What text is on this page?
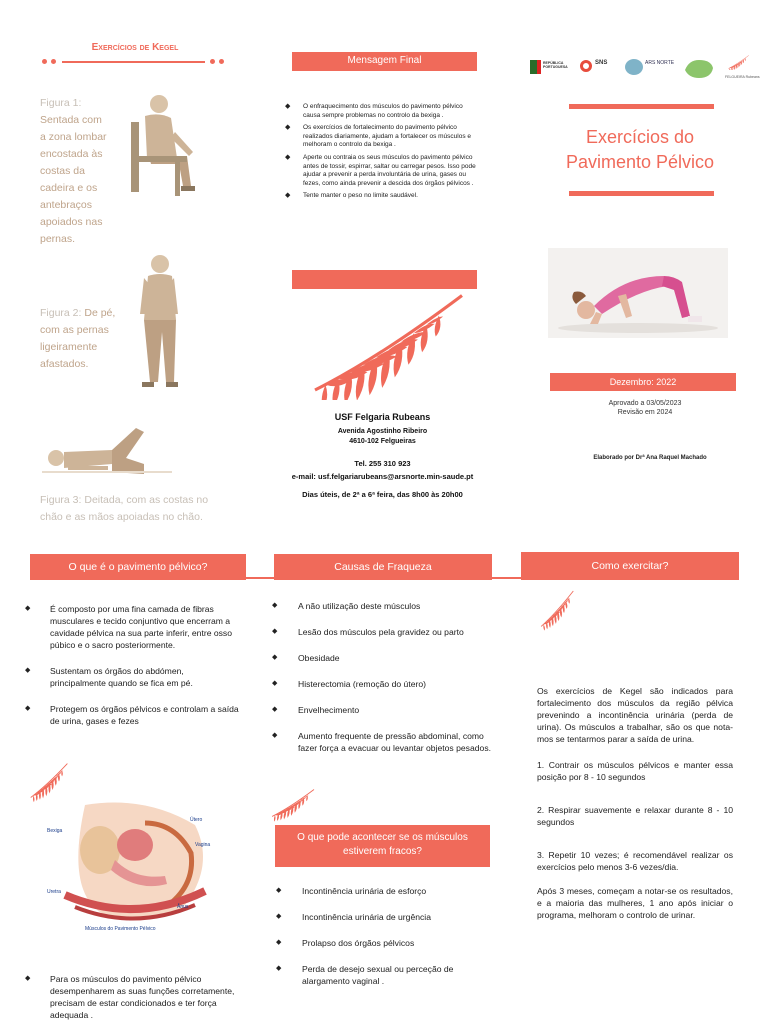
Exercícios de Kegel
Figura 1:
Sentada com a zona lombar encostada às costas da cadeira e os antebraços apoiados nas pernas.
Figura 2: De pé, com as pernas ligeiramente afastados.
Figura 3: Deitada, com as costas no chão e as mãos apoiadas no chão.
Mensagem Final
◆ O enfraquecimento dos músculos do pavimento pélvico causa sempre problemas no controlo da bexiga .
◆ Os exercícios de fortalecimento do pavimento pélvico realizados diariamente, ajudam a fortalecer os músculos e melhoram o controlo da bexiga .
◆ Aperte ou contraia os seus músculos do pavimento pélvico antes de tossir, espirrar, saltar ou carregar pesos. Isso pode ajudar a prevenir a perda involuntária de urina, gases ou fezes, como ainda prevenir a descida dos órgãos pélvicos .
◆ Tente manter o peso no limite saudável.
USF Felgaria Rubeans
Avenida Agostinho Ribeiro
4610-102 Felgueiras
Tel. 255 310 923
e-mail: usf.felgariarubeans@arsnorte.min-saude.pt
Dias úteis, de 2ª a 6ª feira, das 8h00 às 20h00
REPÚBLICA PORTUGUESA
SNS	ARS NORTE
FELGUEIRA Rubeans
Exercícios do
Pavimento Pélvico
Dezembro: 2022
Aprovado a 03/05/2023
Revisão em 2024
Elaborado por Drª Ana Raquel Machado
O que é o pavimento pélvico?	Causas de Fraqueza	Como exercitar?
◆ É composto por uma fina camada de fibras musculares e tecido conjuntivo que encerram a cavidade pélvica na sua parte inferir, entre osso púbico e o sacro posteriormente.
◆ Sustentam os órgãos do abdómen, principalmente quando se fica em pé.
◆ Protegem os órgãos pélvicos e controlam a saída de urina, gases e fezes
Bexiga
Útero
Vagina
Uretra
Ânus
Músculos do Pavimento Pélvico
◆ Para os músculos do pavimento pélvico desempenharem as suas funções corretamente, precisam de estar condicionados e ter força adequada .
◆ A não utilização deste músculos
◆ Lesão dos músculos pela gravidez ou parto
◆ Obesidade
◆ Histerectomia (remoção do útero)
◆ Envelhecimento
◆ Aumento frequente de pressão abdominal, como fazer força a evacuar ou levantar objetos pesados.
O que pode acontecer se os músculos estiverem fracos?
◆ Incontinência urinária de esforço
◆ Incontinência urinária de urgência
◆ Prolapso dos órgãos pélvicos
◆ Perda de desejo sexual ou perceção de alargamento vaginal .

Os exercícios de Kegel são indicados para fortalecimento dos músculos da região pélvica prevenindo a incontinência urinária (perda de urina). Os músculos a trabalhar, são os que nota-mos se tentarmos parar a saída de urina.

1. Contrair os músculos pélvicos e manter essa posição por 8 - 10 segundos

2. Respirar suavemente e relaxar durante 8 - 10 segundos

3. Repetir 10 vezes; é recomendável realizar os exercícios pelo menos 3-6 vezes/dia.

Após 3 meses, começam a notar-se os resultados, e a maioria das mulheres, 1 ano após iniciar o programa, melhoram o controlo de urinar.
